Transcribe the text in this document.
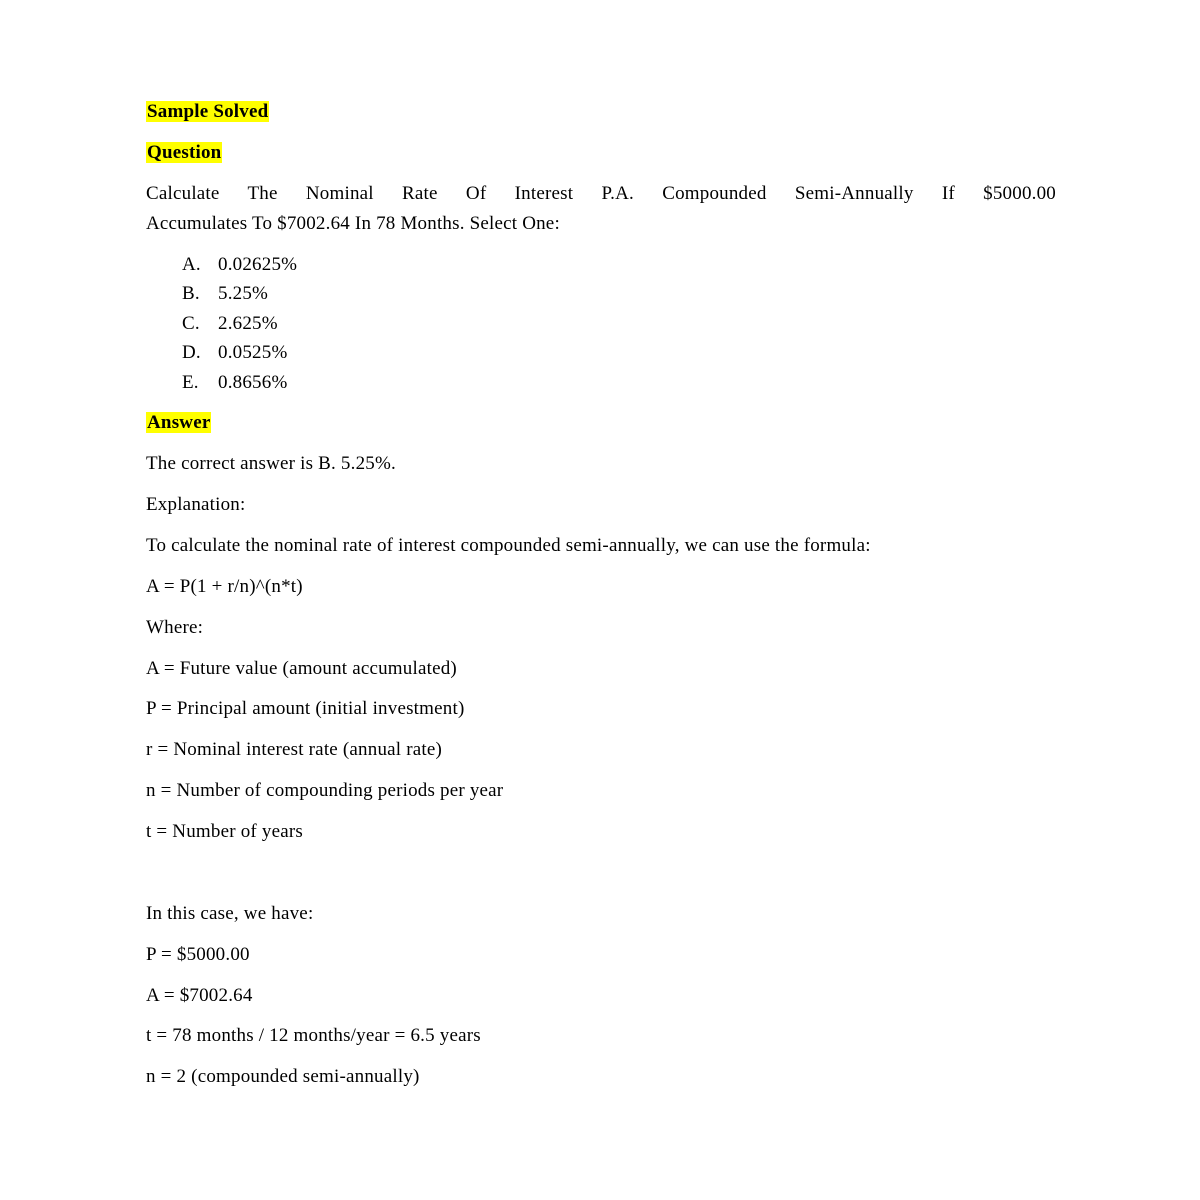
Sample Solved
Question
Calculate The Nominal Rate Of Interest P.A. Compounded Semi-Annually If $5000.00
Accumulates To $7002.64 In 78 Months. Select One:
A. 0.02625%
B. 5.25%
C. 2.625%
D. 0.0525%
E. 0.8656%
Answer
The correct answer is B. 5.25%.
Explanation:
To calculate the nominal rate of interest compounded semi-annually, we can use the formula:
A = P(1 + r/n)^(n*t)
Where:
A = Future value (amount accumulated)
P = Principal amount (initial investment)
r = Nominal interest rate (annual rate)
n = Number of compounding periods per year
t = Number of years
In this case, we have:
P = $5000.00
A = $7002.64
t = 78 months / 12 months/year = 6.5 years
n = 2 (compounded semi-annually)
